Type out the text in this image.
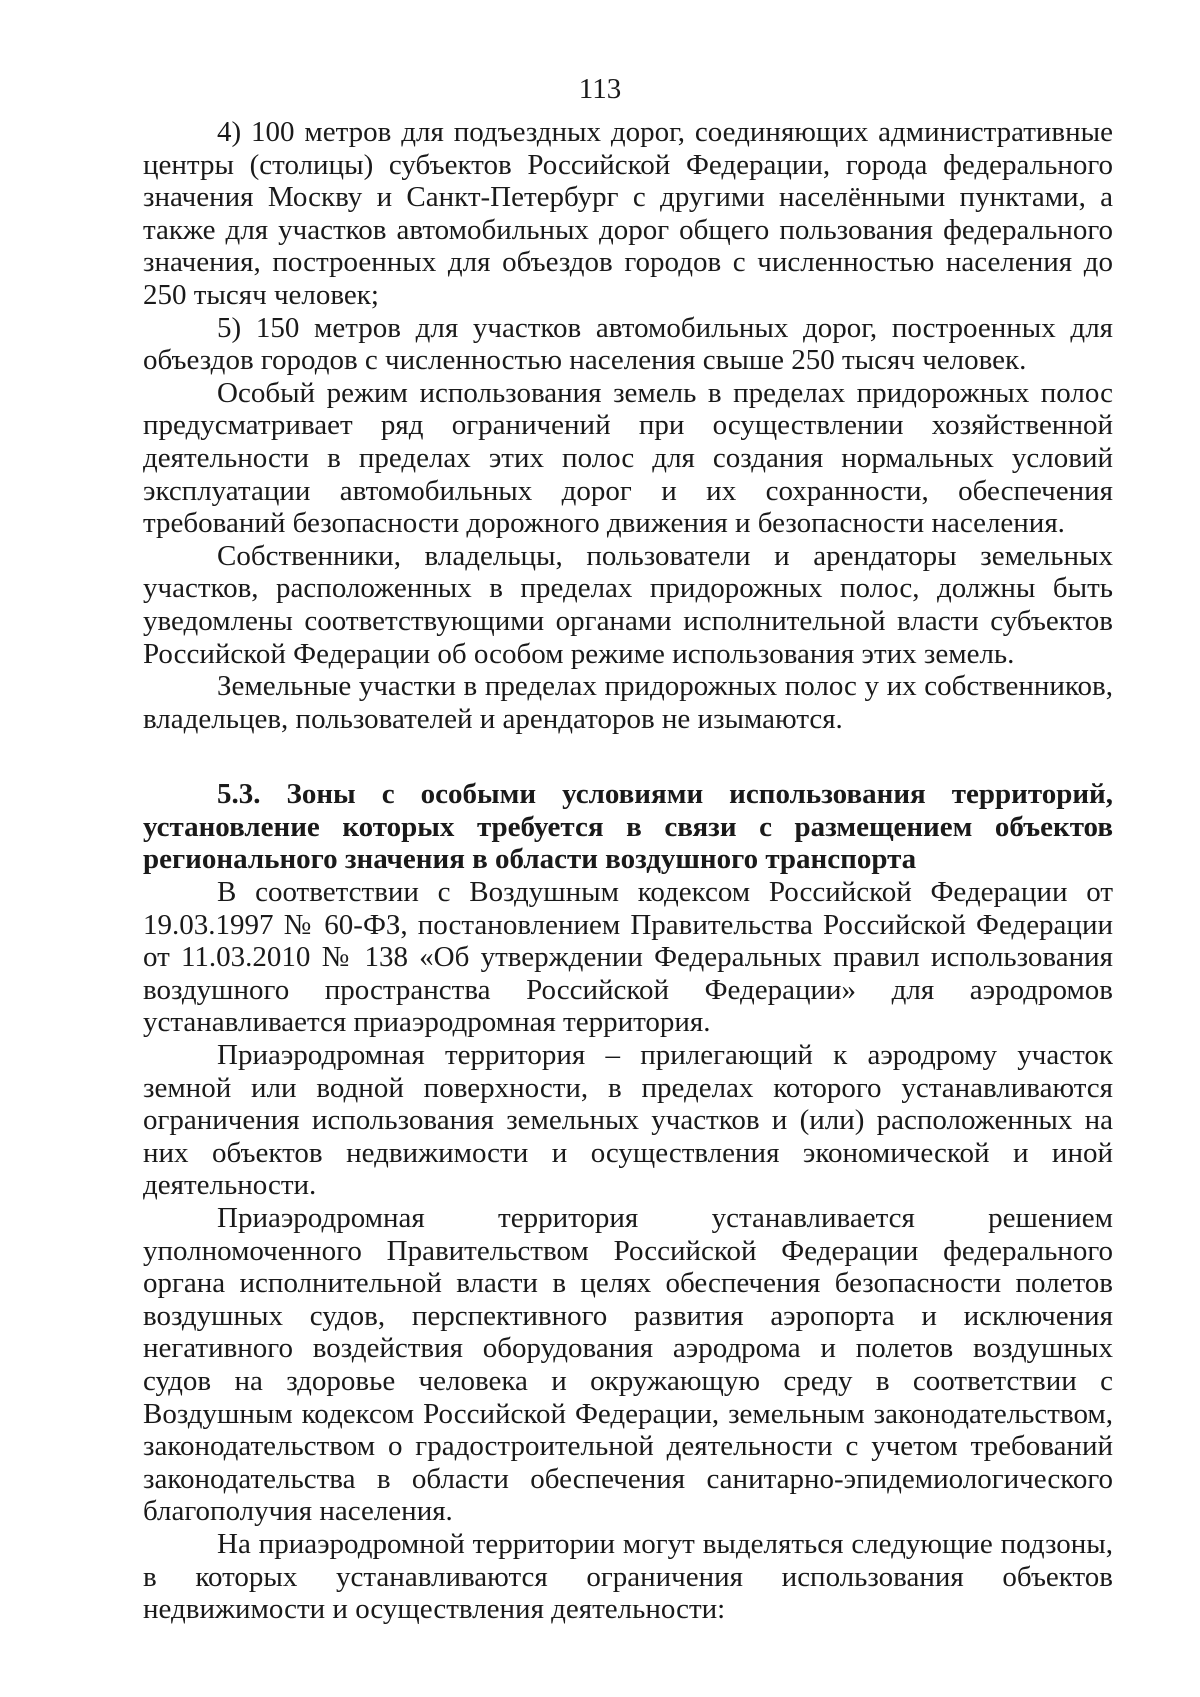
113

4) 100 метров для подъездных дорог, соединяющих административные центры (столицы) субъектов Российской Федерации, города федерального значения Москву и Санкт-Петербург с другими населёнными пунктами, а также для участков автомобильных дорог общего пользования федерального значения, построенных для объездов городов с численностью населения до 250 тысяч человек;

5) 150 метров для участков автомобильных дорог, построенных для объездов городов с численностью населения свыше 250 тысяч человек.

Особый режим использования земель в пределах придорожных полос предусматривает ряд ограничений при осуществлении хозяйственной деятельности в пределах этих полос для создания нормальных условий эксплуатации автомобильных дорог и их сохранности, обеспечения требований безопасности дорожного движения и безопасности населения.

Собственники, владельцы, пользователи и арендаторы земельных участков, расположенных в пределах придорожных полос, должны быть уведомлены соответствующими органами исполнительной власти субъектов Российской Федерации об особом режиме использования этих земель.

Земельные участки в пределах придорожных полос у их собственников, владельцев, пользователей и арендаторов не изымаются.

5.3. Зоны с особыми условиями использования территорий, установление которых требуется в связи с размещением объектов регионального значения в области воздушного транспорта

В соответствии с Воздушным кодексом Российской Федерации от 19.03.1997 № 60-ФЗ, постановлением Правительства Российской Федерации от 11.03.2010 № 138 «Об утверждении Федеральных правил использования воздушного пространства Российской Федерации» для аэродромов устанавливается приаэродромная территория.

Приаэродромная территория – прилегающий к аэродрому участок земной или водной поверхности, в пределах которого устанавливаются ограничения использования земельных участков и (или) расположенных на них объектов недвижимости и осуществления экономической и иной деятельности.

Приаэродромная территория устанавливается решением уполномоченного Правительством Российской Федерации федерального органа исполнительной власти в целях обеспечения безопасности полетов воздушных судов, перспективного развития аэропорта и исключения негативного воздействия оборудования аэродрома и полетов воздушных судов на здоровье человека и окружающую среду в соответствии с Воздушным кодексом Российской Федерации, земельным законодательством, законодательством о градостроительной деятельности с учетом требований законодательства в области обеспечения санитарно-эпидемиологического благополучия населения.

На приаэродромной территории могут выделяться следующие подзоны, в которых устанавливаются ограничения использования объектов недвижимости и осуществления деятельности:
